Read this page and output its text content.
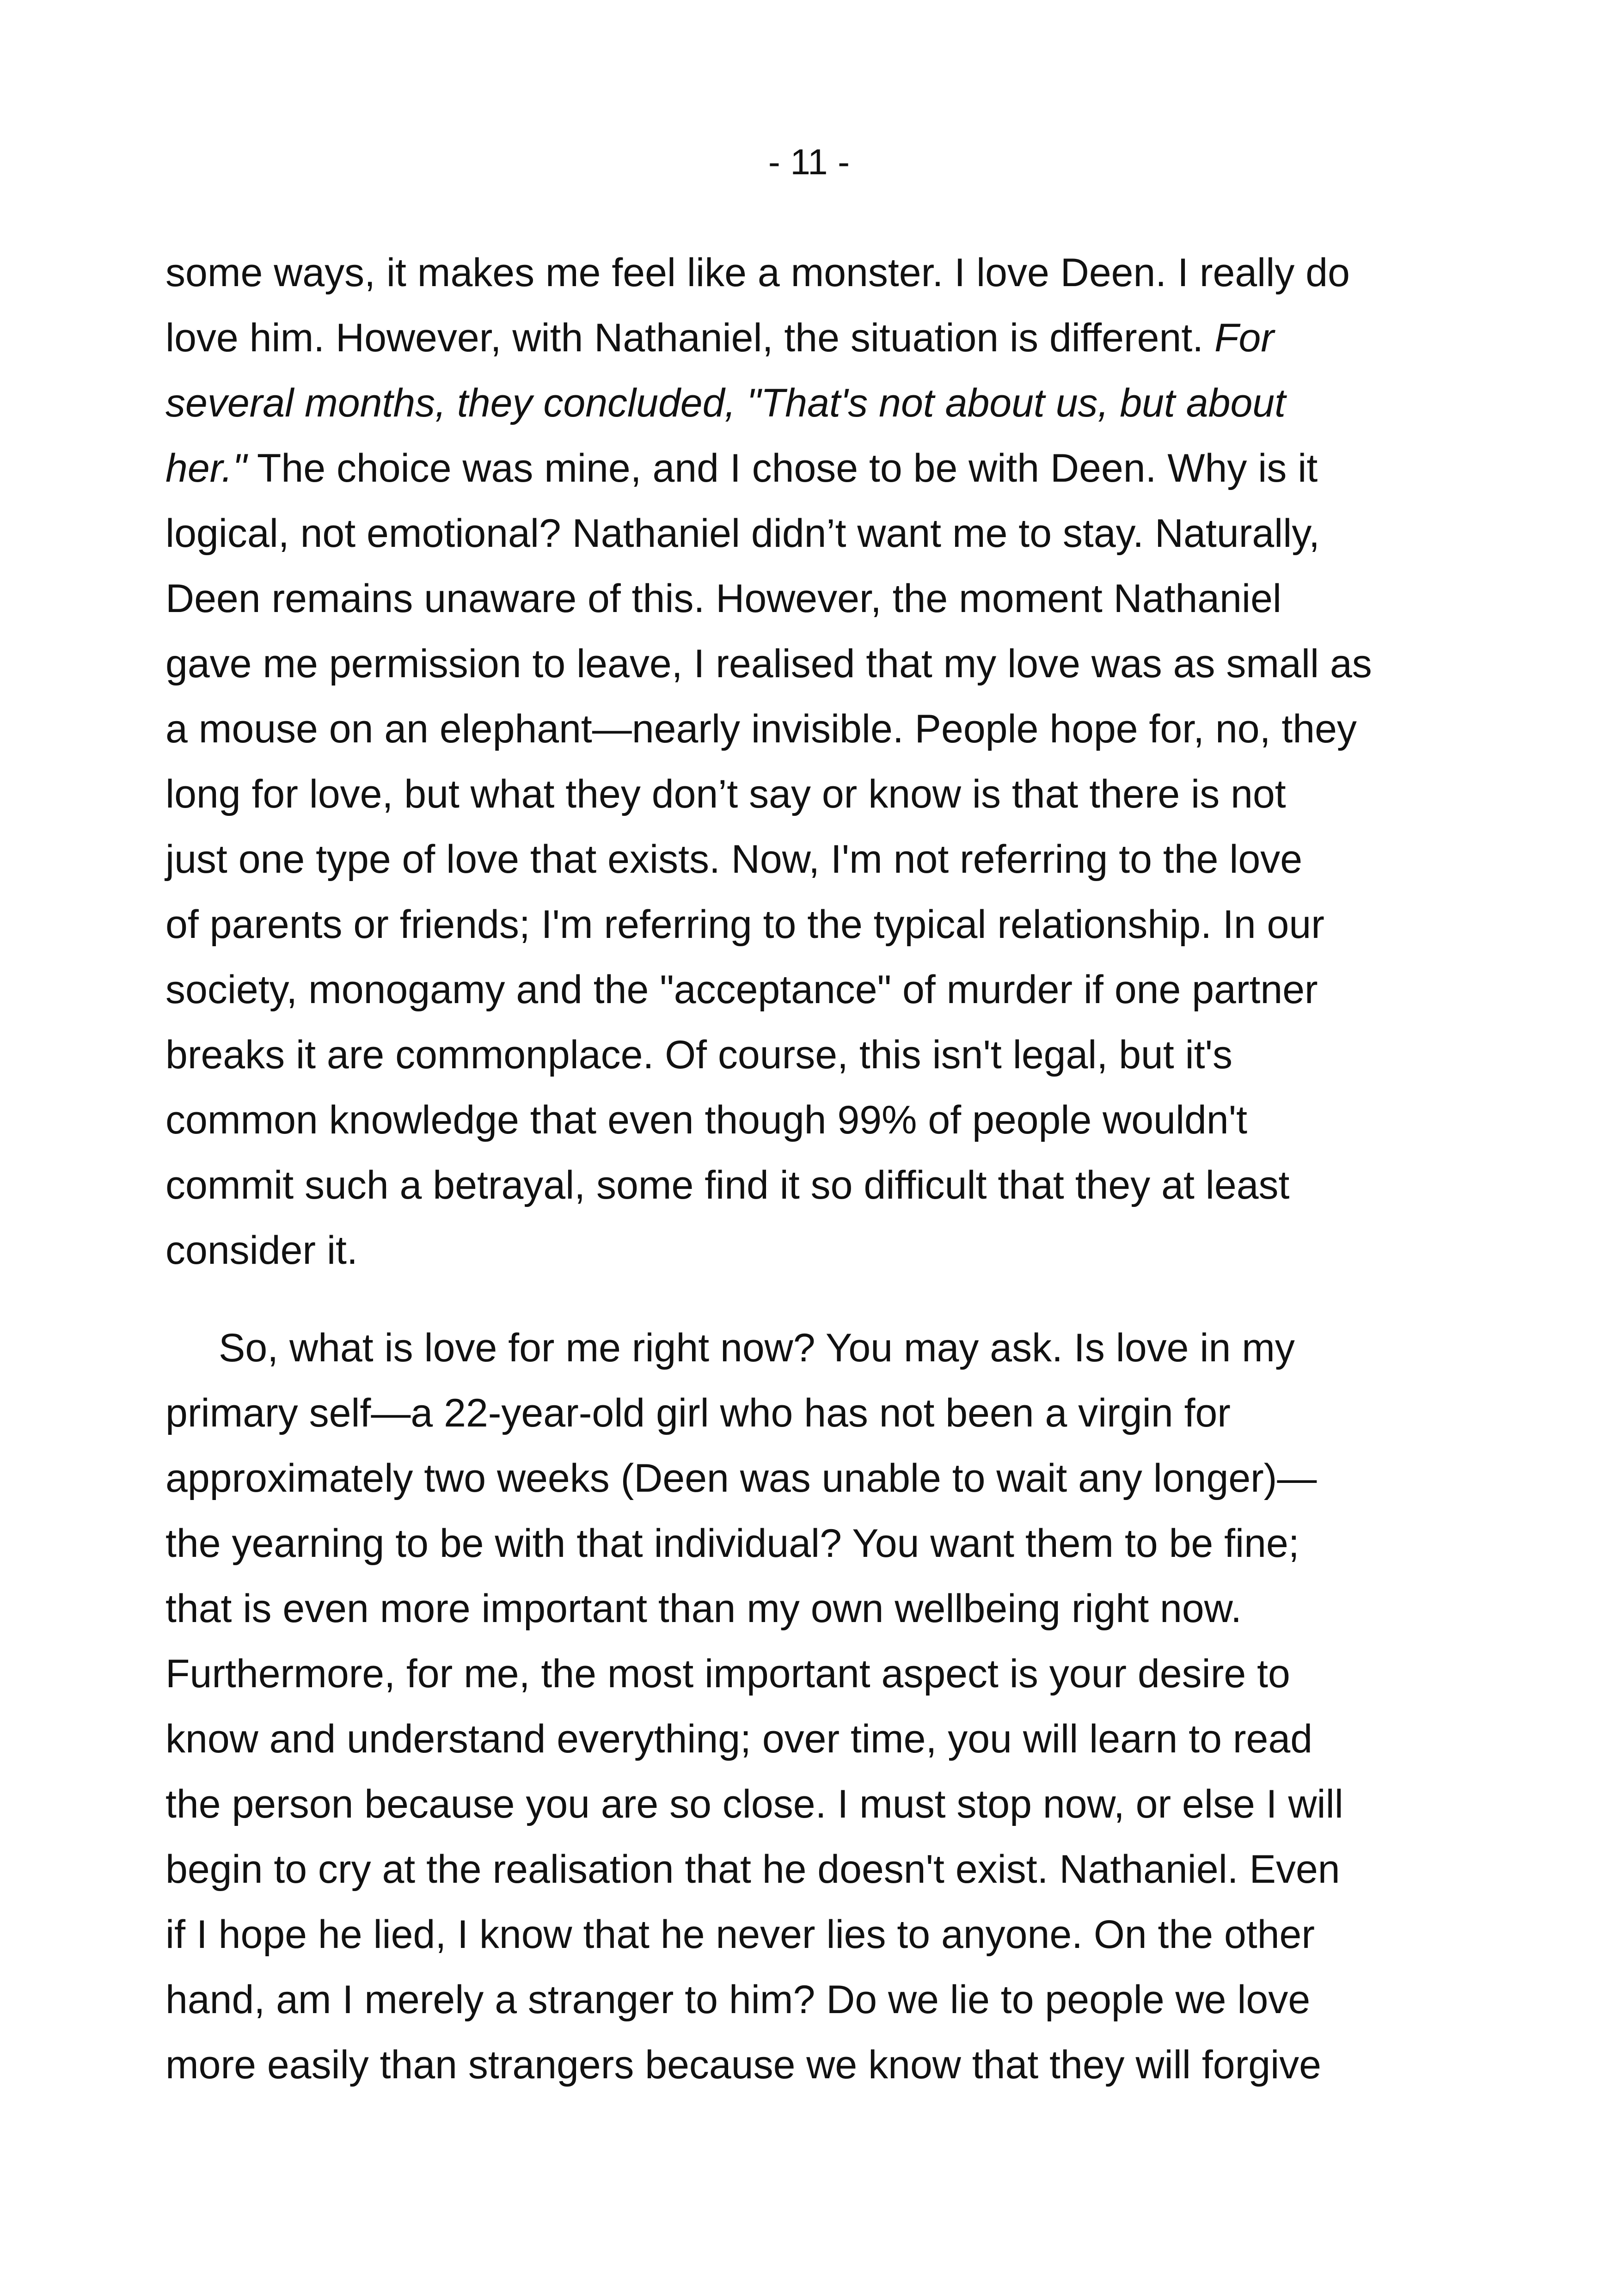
- 11 -
some ways, it makes me feel like a monster. I love Deen. I really do
love him. However, with Nathaniel, the situation is different. For
several months, they concluded, "That's not about us, but about
her." The choice was mine, and I chose to be with Deen. Why is it
logical, not emotional? Nathaniel didn’t want me to stay. Naturally,
Deen remains unaware of this. However, the moment Nathaniel
gave me permission to leave, I realised that my love was as small as
a mouse on an elephant—nearly invisible. People hope for, no, they
long for love, but what they don’t say or know is that there is not
just one type of love that exists. Now, I'm not referring to the love
of parents or friends; I'm referring to the typical relationship. In our
society, monogamy and the "acceptance" of murder if one partner
breaks it are commonplace. Of course, this isn't legal, but it's
common knowledge that even though 99% of people wouldn't
commit such a betrayal, some find it so difficult that they at least
consider it.
So, what is love for me right now? You may ask. Is love in my
primary self—a 22-year-old girl who has not been a virgin for
approximately two weeks (Deen was unable to wait any longer)—
the yearning to be with that individual? You want them to be fine;
that is even more important than my own wellbeing right now.
Furthermore, for me, the most important aspect is your desire to
know and understand everything; over time, you will learn to read
the person because you are so close. I must stop now, or else I will
begin to cry at the realisation that he doesn't exist. Nathaniel. Even
if I hope he lied, I know that he never lies to anyone. On the other
hand, am I merely a stranger to him? Do we lie to people we love
more easily than strangers because we know that they will forgive
